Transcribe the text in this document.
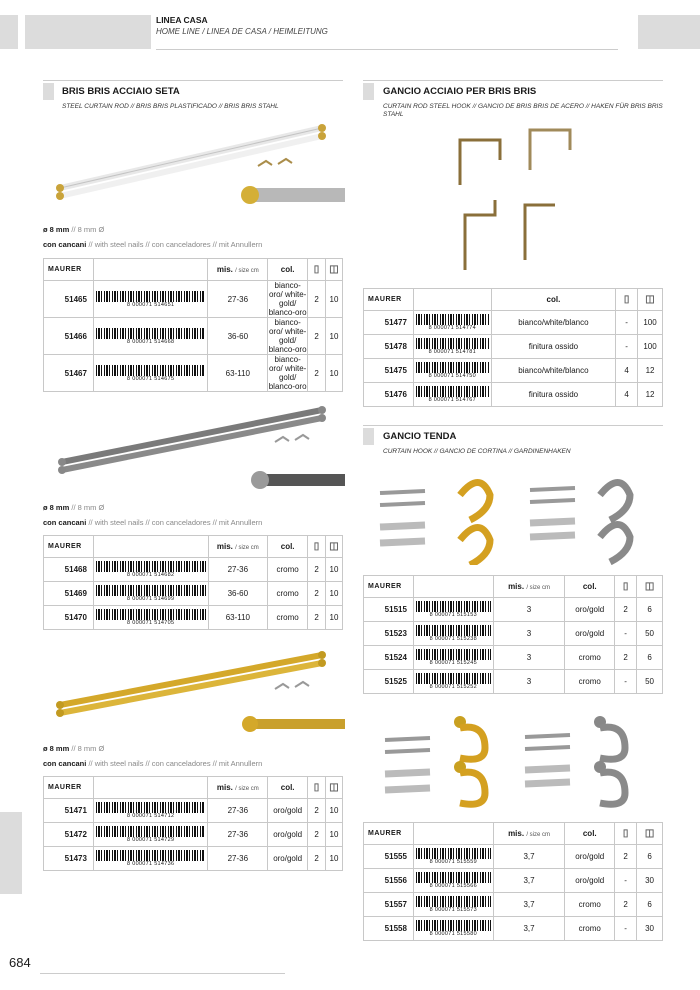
LINEA CASA
HOME LINE / LINEA DE CASA / HEIMLEITUNG
BRIS BRIS ACCIAIO SETA
STEEL CURTAIN ROD // BRIS BRIS PLASTIFICADO // BRIS BRIS STAHL
ø 8 mm // 8 mm Ø
con cancani // with steel nails // con canceladores // mit Annullern
MAURER		mis. / size cm	col.	▯	◫
51465	8 000071 514651	27-36	bianco-oro/ white-gold/ blanco-oro	2	10
51466	8 000071 514668	36-60	bianco-oro/ white-gold/ blanco-oro	2	10
51467	8 000071 514675	63-110	bianco-oro/ white-gold/ blanco-oro	2	10
ø 8 mm // 8 mm Ø
con cancani // with steel nails // con canceladores // mit Annullern
MAURER		mis. / size cm	col.	▯	◫
51468	8 000071 514682	27-36	cromo	2	10
51469	8 000071 514699	36-60	cromo	2	10
51470	8 000071 514705	63-110	cromo	2	10
ø 8 mm // 8 mm Ø
con cancani // with steel nails // con canceladores // mit Annullern
MAURER		mis. / size cm	col.	▯	◫
51471	8 000071 514712	27-36	oro/gold	2	10
51472	8 000071 514729	27-36	oro/gold	2	10
51473	8 000071 514736	27-36	oro/gold	2	10
GANCIO ACCIAIO PER BRIS BRIS
CURTAIN ROD STEEL HOOK // GANCIO DE BRIS BRIS DE ACERO // HAKEN FÜR BRIS BRIS STAHL
MAURER		col.	▯	◫
51477	8 000071 514774	bianco/white/blanco	-	100
51478	8 000071 514781	finitura ossido	-	100
51475	8 000071 514750	bianco/white/blanco	4	12
51476	8 000071 514767	finitura ossido	4	12
GANCIO TENDA
CURTAIN HOOK // GANCIO DE CORTINA // GARDINENHAKEN
MAURER		mis. / size cm	col.	▯	◫
51515	8 000071 515153	3	oro/gold	2	6
51523	8 000071 515238	3	oro/gold	-	50
51524	8 000071 515245	3	cromo	2	6
51525	8 000071 515252	3	cromo	-	50
MAURER		mis. / size cm	col.	▯	◫
51555	8 000071 515559	3,7	oro/gold	2	6
51556	8 000071 515566	3,7	oro/gold	-	30
51557	8 000071 515573	3,7	cromo	2	6
51558	8 000071 515580	3,7	cromo	-	30
684
